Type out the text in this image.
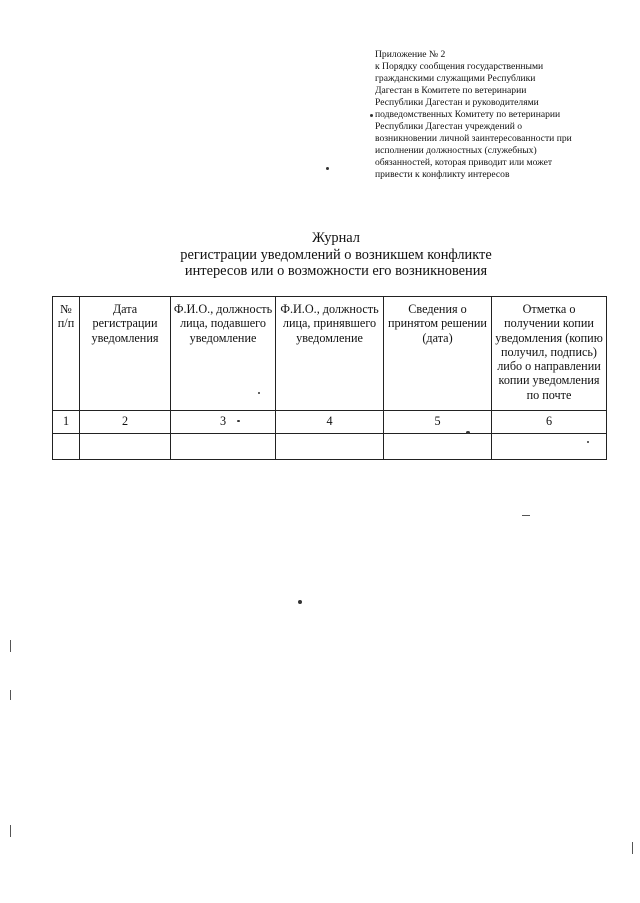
Приложение № 2
к Порядку сообщения государственными
гражданскими служащими Республики
Дагестан в Комитете по ветеринарии
Республики Дагестан и руководителями
подведомственных Комитету по ветеринарии
Республики Дагестан учреждений о
возникновении личной заинтересованности при
исполнении должностных (служебных)
обязанностей, которая приводит или может
привести к конфликту интересов
Журнал
регистрации уведомлений о возникшем конфликте
интересов или о возможности его возникновения
№ п/п	Дата регистрации уведомления	Ф.И.О., должность лица, подавшего уведомление	Ф.И.О., должность лица, принявшего уведомление	Сведения о принятом решении (дата)	Отметка о получении копии уведомления (копию получил, подпись) либо о направлении копии уведомления по почте
1	2	3	4	5	6
